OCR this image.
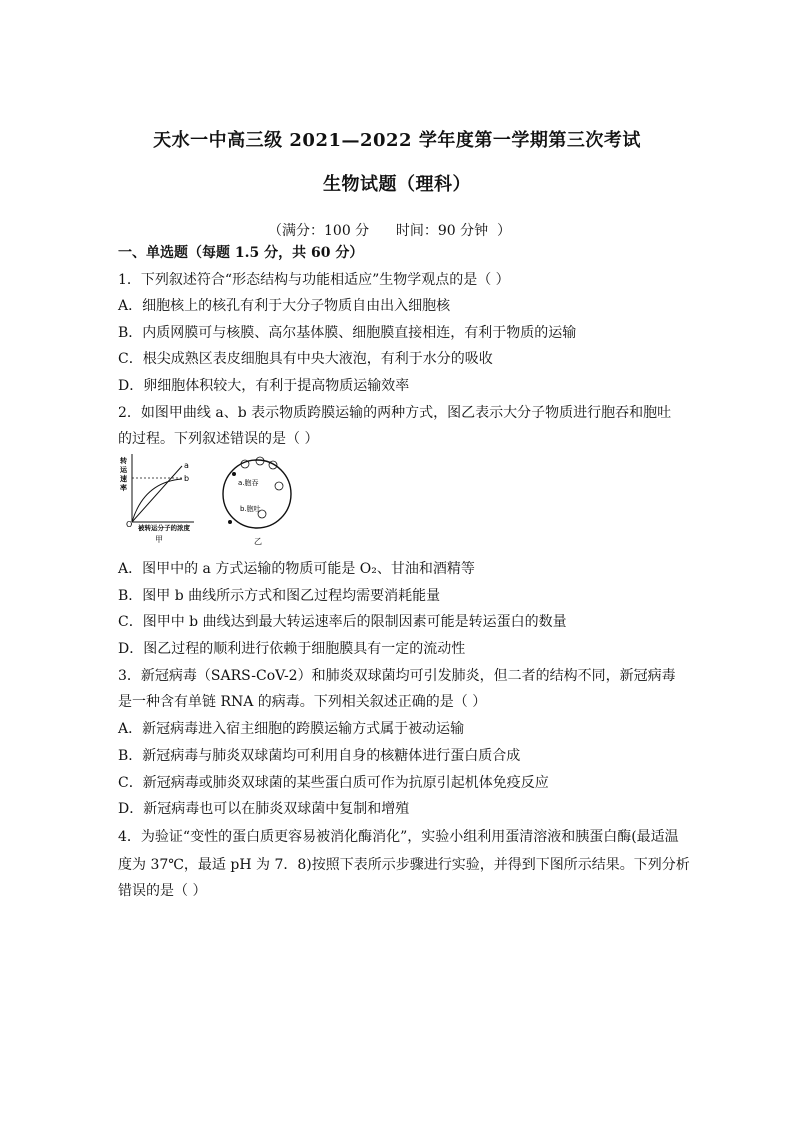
天水一中高三级 2021—2022 学年度第一学期第三次考试
生物试题（理科）
（满分：100 分      时间：90 分钟  ）
一、单选题（每题 1.5 分，共 60 分）
1．下列叙述符合“形态结构与功能相适应”生物学观点的是（ ）
A．细胞核上的核孔有利于大分子物质自由出入细胞核
B．内质网膜可与核膜、高尔基体膜、细胞膜直接相连，有利于物质的运输
C．根尖成熟区表皮细胞具有中央大液泡，有利于水分的吸收
D．卵细胞体积较大，有利于提高物质运输效率
2．如图甲曲线 a、b 表示物质跨膜运输的两种方式，图乙表示大分子物质进行胞吞和胞吐
的过程。下列叙述错误的是（ ）
转
运
速
率
a
b
O 被转运分子的浓度
甲
a.胞吞
b.胞吐
乙
A．图甲中的 a 方式运输的物质可能是 O₂、甘油和酒精等
B．图甲 b 曲线所示方式和图乙过程均需要消耗能量
C．图甲中 b 曲线达到最大转运速率后的限制因素可能是转运蛋白的数量
D．图乙过程的顺利进行依赖于细胞膜具有一定的流动性
3．新冠病毒（SARS-CoV-2）和肺炎双球菌均可引发肺炎，但二者的结构不同，新冠病毒
是一种含有单链 RNA 的病毒。下列相关叙述正确的是（ ）
A．新冠病毒进入宿主细胞的跨膜运输方式属于被动运输
B．新冠病毒与肺炎双球菌均可利用自身的核糖体进行蛋白质合成
C．新冠病毒或肺炎双球菌的某些蛋白质可作为抗原引起机体免疫反应
D．新冠病毒也可以在肺炎双球菌中复制和增殖
4．为验证“变性的蛋白质更容易被消化酶消化”，实验小组利用蛋清溶液和胰蛋白酶(最适温
度为 37℃，最适 pH 为 7．8)按照下表所示步骤进行实验，并得到下图所示结果。下列分析
错误的是（ ）
